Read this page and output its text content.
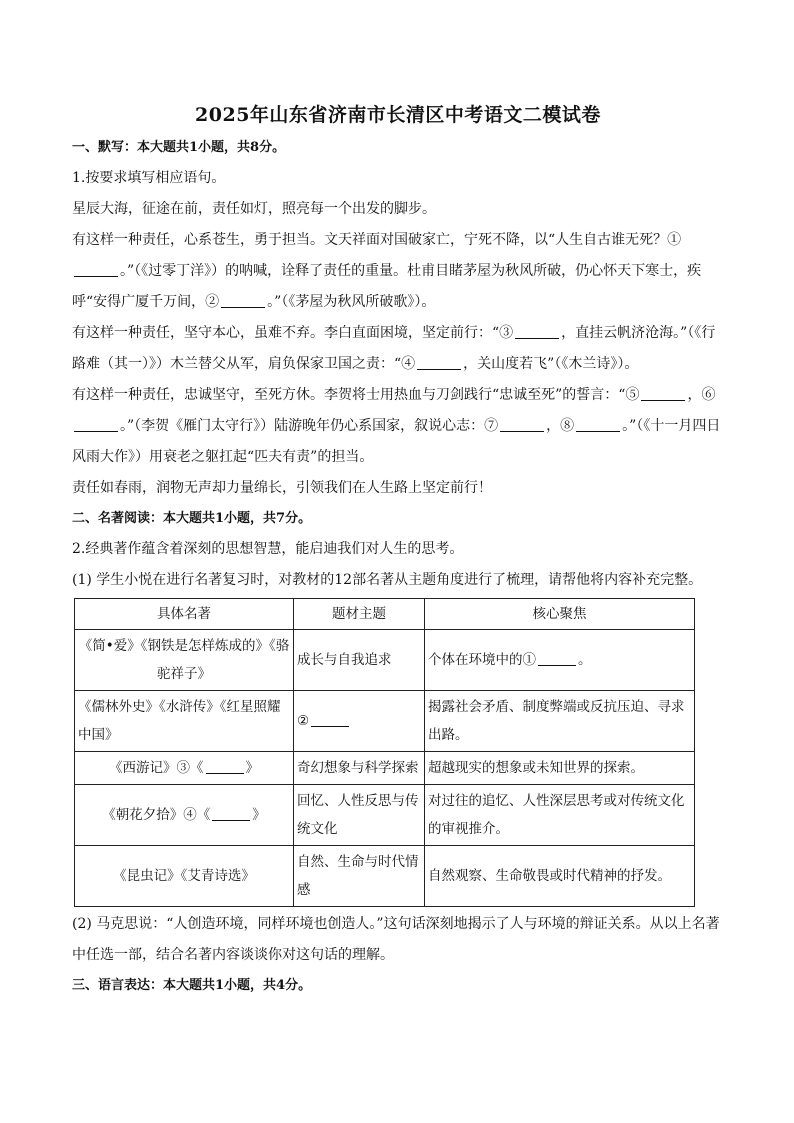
2025年山东省济南市长清区中考语文二模试卷

一、默写：本大题共1小题，共8分。

1.按要求填写相应语句。

星辰大海，征途在前，责任如灯，照亮每一个出发的脚步。

有这样一种责任，心系苍生，勇于担当。文天祥面对国破家亡，宁死不降，以“人生自古谁无死？①。”（《过零丁洋》）的呐喊，诠释了责任的重量。杜甫目睹茅屋为秋风所破，仍心怀天下寒士，疾呼“安得广厦千万间，②	。”（《茅屋为秋风所破歌》）。

有这样一种责任，坚守本心，虽难不弃。李白直面困境，坚定前行：“③	，直挂云帆济沧海。”（《行路难（其一）》）木兰替父从军，肩负保家卫国之责：“④	，关山度若飞”（《木兰诗》）。

有这样一种责任，忠诚坚守，至死方休。李贺将士用热血与刀剑践行“忠诚至死”的誓言：“⑤	，⑥。”（李贺《雁门太守行》）陆游晚年仍心系国家，叙说心志：⑦	，⑧	。”（《十一月四日风雨大作》）用衰老之躯扛起“匹夫有责”的担当。

责任如春雨，润物无声却力量绵长，引领我们在人生路上坚定前行！

二、名著阅读：本大题共1小题，共7分。

2.经典著作蕴含着深刻的思想智慧，能启迪我们对人生的思考。

(1) 学生小悦在进行名著复习时，对教材的12部名著从主题角度进行了梳理，请帮他将内容补充完整。

具体名著	题材主题	核心聚焦
《简•爱》《钢铁是怎样炼成的》《骆驼祥子》	成长与自我追求	个体在环境中的① 。
《儒林外史》《水浒传》《红星照耀中国》	②	揭露社会矛盾、制度弊端或反抗压迫、寻求出路。
《西游记》③《 》	奇幻想象与科学探索	超越现实的想象或未知世界的探索。
《朝花夕拾》④《 》	回忆、人性反思与传统文化	对过往的追忆、人性深层思考或对传统文化的审视推介。
《昆虫记》《艾青诗选》	自然、生命与时代情感	自然观察、生命敬畏或时代精神的抒发。

(2) 马克思说：“人创造环境，同样环境也创造人。”这句话深刻地揭示了人与环境的辩证关系。从以上名著中任选一部，结合名著内容谈谈你对这句话的理解。

三、语言表达：本大题共1小题，共4分。
